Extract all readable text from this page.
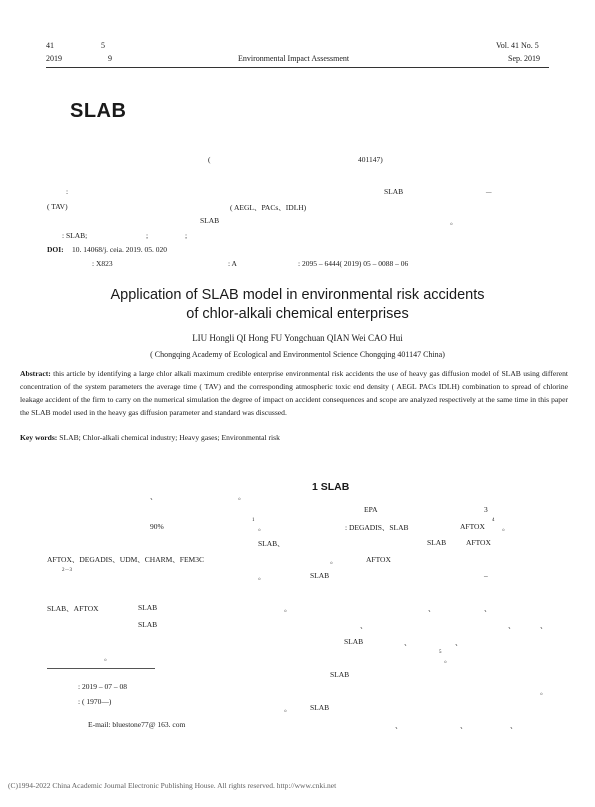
41	5
2019	9	Environmental Impact Assessment
Vol. 41 No. 5
Sep. 2019
SLAB
(	401147)
:	SLAB	－
( TAV)	( AEGL、PACs、IDLH)
SLAB	。
: SLAB;	;	;
DOI: 10. 14068/j. ceia. 2019. 05. 020
: X823	: A	: 2095 – 6444( 2019) 05 – 0088 – 06
Application of SLAB model in environmental risk accidents
of chlor-alkali chemical enterprises
LIU Hongli QI Hong FU Yongchuan QIAN Wei CAO Hui
( Chongqing Academy of Ecological and Environmentol Science Chongqing 401147 China)
Abstract: this article by identifying a large chlor alkali maximum credible enterprise environmental risk accidents the use of heavy gas diffusion model of SLAB using different concentration of the system parameters the average time ( TAV) and the corresponding atmospheric toxic end density ( AEGL PACs IDLH) combination to spread of chlorine leakage accident of the firm to carry on the numerical simulation the degree of impact on accident consequences and scope are analyzed respectively at the same time in this paper the SLAB model used in the heavy gas diffusion parameter and standard was discussed.
Key words: SLAB; Chlor-alkali chemical industry; Heavy gases; Environmental risk
、	。
90%
1
。
SLAB、
AFTOX、DEGADIS、UDM、CHARM、FEM3C
2－3
。
SLAB、AFTOX	SLAB	。
SLAB
。
1 SLAB
EPA	3
: DEGADIS、SLAB	AFTOX
4
。
SLAB	AFTOX
。	AFTOX
SLAB	–
、	、
、	、	、
SLAB	、	、
5
。
SLAB
。
。 SLAB
、	、	、
: 2019 – 07 – 08
: ( 1970—)
E-mail: bluestone77@ 163. com
(C)1994-2022 China Academic Journal Electronic Publishing House. All rights reserved. http://www.cnki.net
